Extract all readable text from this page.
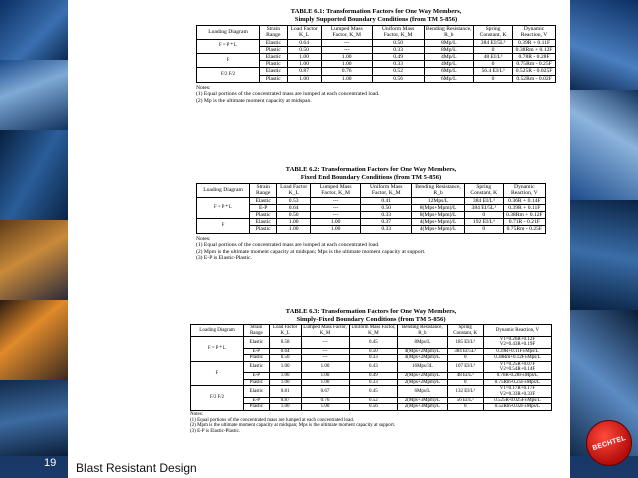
TABLE 6.1: Transformation Factors for One Way Members,
Simply Supported Boundary Conditions (from TM 5-856)
Loading Diagram	Strain Range	Load Factor K_L	Lumped Mass Factor, K_M	Uniform Mass Factor, K_M	Bending Resistance, R_b	Spring Constant, K	Dynamic Reaction, V
F = P * L	Elastic	0.64	---	0.50	8Mp/L	384 EI/5L³	0.39R + 0.11F
	Plastic	0.50	---	0.33	8Mp/L	0	0.38Rm + 0.12F
F	Elastic	1.00	1.00	0.49	4Mp/L	48 EI/L³	0.78R - 0.28F
	Plastic	1.00	1.00	0.33	4Mp/L	0	0.75Rm - 0.25F
F/2 F/2	Elastic	0.87	0.76	0.52	6Mp/L	56.4 EI/L³	0.525R - 0.025F
	Plastic	1.00	1.00	0.56	6Mp/L	0	0.52Rm - 0.02F
Notes:
(1) Equal portions of the concentrated mass are lumped at each concentrated load.
(2) Mp is the ultimate moment capacity at midspan.
TABLE 6.2: Transformation Factors for One Way Members,
Fixed End Boundary Conditions (from TM 5-856)
Loading Diagram	Strain Range	Load Factor K_L	Lumped Mass Factor, K_M	Uniform Mass Factor, K_M	Bending Resistance, R_b	Spring Constant, K	Dynamic Reaction, V
F = P * L	Elastic	0.53	---	0.41	12Mps/L	384 EI/L³	0.36R + 0.14F
	E-P	0.64	---	0.50	8(Mps+Mpm)/L	384 EI/5L³	0.39R + 0.11F
	Plastic	0.50	---	0.33	8(Mps+Mpm)/L	0	0.38Rm + 0.12F
F	Elastic	1.00	1.00	0.37	4(Mps+Mpm)/L	192 EI/L³	0.71R - 0.21F
	Plastic	1.00	1.00	0.33	4(Mps+Mpm)/L	0	0.75Rm - 0.25F
Notes:
(1) Equal portions of the concentrated mass are lumped at each concentrated load.
(2) Mpm is the ultimate moment capacity at midspan; Mps is the ultimate moment capacity at support.
(3) E-P is Elastic-Plastic.
TABLE 6.3: Transformation Factors for One Way Members,
Simply-Fixed Boundary Conditions (from TM 5-856)
Loading Diagram	Strain Range	Load Factor K_L	Lumped Mass Factor, K_M	Uniform Mass Factor, K_M	Bending Resistance, R_b	Spring Constant, K	Dynamic Reaction, V
F = P * L	Elastic	0.58	---	0.45	8Mps/L	185 EI/L³	V1=0.26R+0.12F V2=0.43R+0.19F
	E-P	0.64	---	0.50	4(Mps+2Mpm)/L	384 EI/5L³	0.39R+0.11F±Mps/L
	Plastic	0.50	---	0.33	4(Mps+2Mpm)/L	0	0.38Rm+0.12F±Mps/L
F	Elastic	1.00	1.00	0.43	16Mps/3L	107 EI/L³	V1=0.25R+0.07F V2=0.54R+0.14F
	E-P	1.00	1.00	0.49	2(Mps+2Mpm)/L	48 EI/L³	0.78R-0.28F±Mps/L
	Plastic	1.00	1.00	0.33	2(Mps+2Mpm)/L	0	0.75Rm-0.25F±Mps/L
F/2 F/2	Elastic	0.81	0.67	0.45	6Mps/L	132 EI/L³	V1=0.17R+0.17F V2=0.33R+0.33F
	E-P	0.87	0.76	0.52	2(Mps+3Mpm)/L	56 EI/L³	0.525R-0.025F±Mps/L
	Plastic	1.00	1.00	0.56	2(Mps+3Mpm)/L	0	0.52Rm-0.02F±Mps/L
Notes:
(1) Equal portions of the concentrated mass are lumped at each concentrated load.
(2) Mpm is the ultimate moment capacity at midspan; Mps is the ultimate moment capacity at support.
(3) E-P is Elastic-Plastic.
19 Blast Resistant Design
BECHTEL
